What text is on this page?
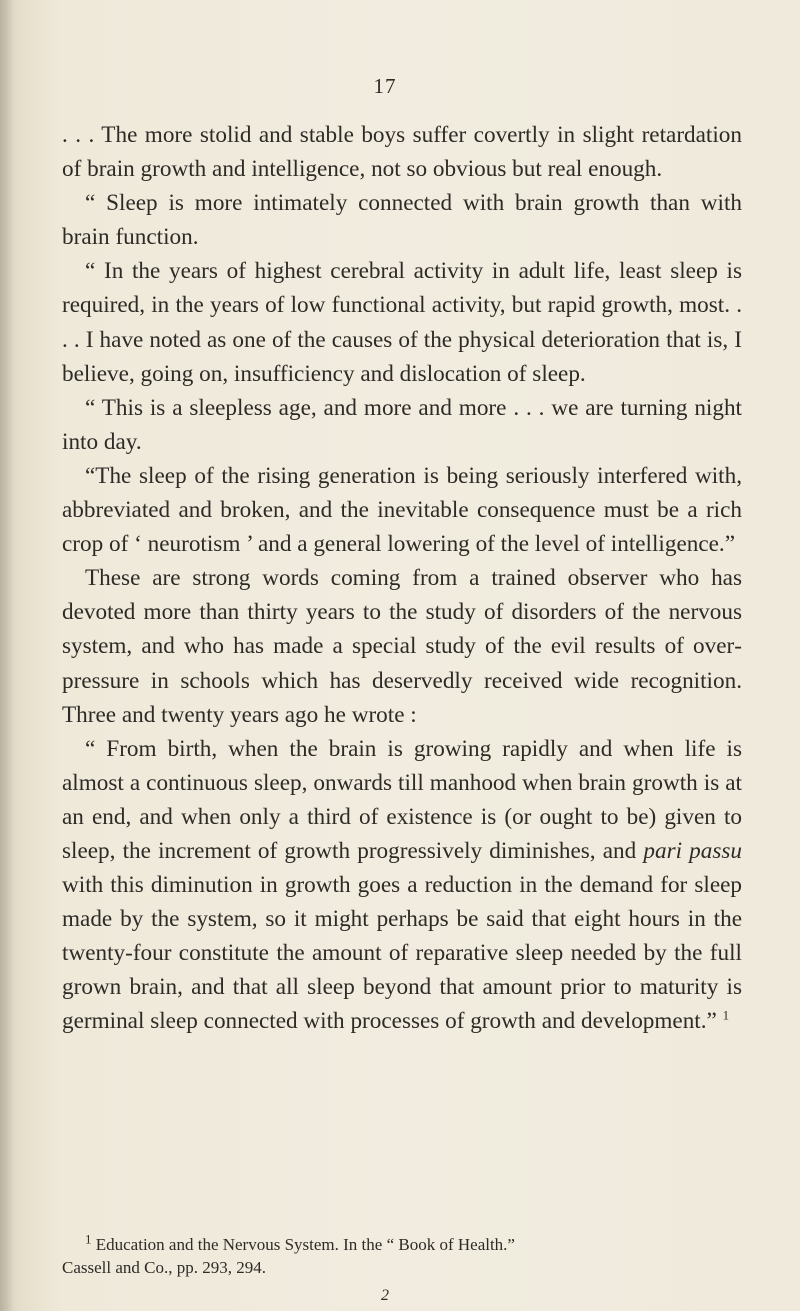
17

. . . The more stolid and stable boys suffer covertly in slight retardation of brain growth and intelligence, not so obvious but real enough.

“ Sleep is more intimately connected with brain growth than with brain function.

“ In the years of highest cerebral activity in adult life, least sleep is required, in the years of low functional activity, but rapid growth, most. . . . I have noted as one of the causes of the physical deterioration that is, I believe, going on, insufficiency and dislocation of sleep.

“ This is a sleepless age, and more and more . . . we are turning night into day.

“The sleep of the rising generation is being seriously interfered with, abbreviated and broken, and the inevitable consequence must be a rich crop of ‘ neurotism ’ and a general lowering of the level of intelligence.”

These are strong words coming from a trained observer who has devoted more than thirty years to the study of disorders of the nervous system, and who has made a special study of the evil results of overpressure in schools which has deservedly received wide recognition. Three and twenty years ago he wrote :

“ From birth, when the brain is growing rapidly and when life is almost a continuous sleep, onwards till manhood when brain growth is at an end, and when only a third of existence is (or ought to be) given to sleep, the increment of growth progressively diminishes, and pari passu with this diminution in growth goes a reduction in the demand for sleep made by the system, so it might perhaps be said that eight hours in the twenty-four constitute the amount of reparative sleep needed by the full grown brain, and that all sleep beyond that amount prior to maturity is germinal sleep connected with processes of growth and development.” $^1$

$^1$ Education and the Nervous System. In the “ Book of Health.”
Cassell and Co., pp. 293, 294.
2
